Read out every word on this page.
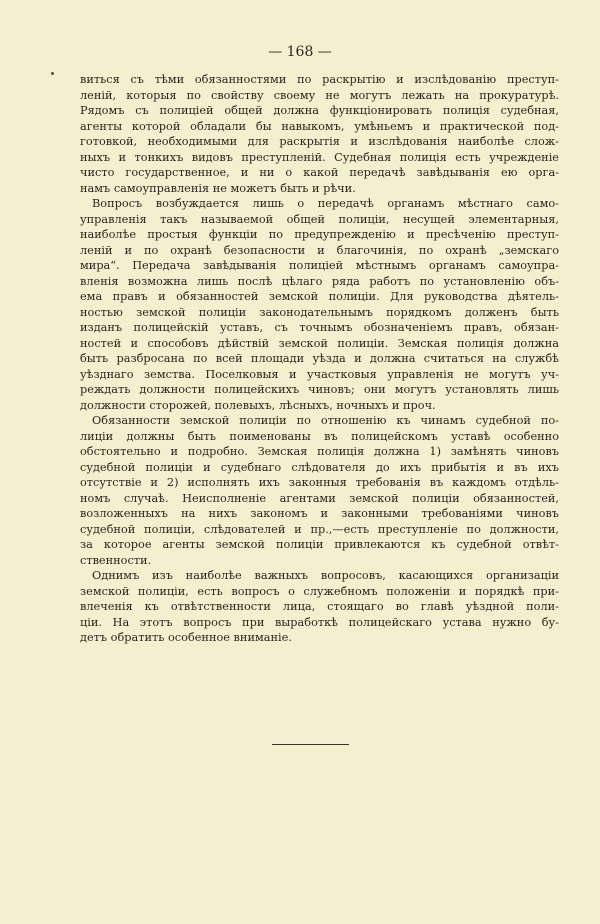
— 168 —
виться съ тѣми обязанностями по раскрытію и изслѣдованію преступ-
леній, которыя по свойству своему не могутъ лежать на прокуратурѣ.
Рядомъ съ полиціей общей должна функціонировать полиція судебная,
агенты которой обладали бы навыкомъ, умѣньемъ и практической под-
готовкой, необходимыми для раскрытія и изслѣдованія наиболѣе слож-
ныхъ и тонкихъ видовъ преступленій. Судебная полиція есть учрежденіе
чисто государственное, и ни о какой передачѣ завѣдыванія ею орга-
намъ самоуправленія не можетъ быть и рѣчи.
Вопросъ возбуждается лишь о передачѣ органамъ мѣстнаго само-
управленія такъ называемой общей полиціи, несущей элементарныя,
наиболѣе простыя функціи по предупрежденію и пресѣченію преступ-
леній и по охранѣ безопасности и благочинія, по охранѣ „земскаго
мира“. Передача завѣдыванія полиціей мѣстнымъ органамъ самоупра-
вленія возможна лишь послѣ цѣлаго ряда работъ по установленію объ-
ема правъ и обязанностей земской полиціи. Для руководства дѣятель-
ностью земской полиціи законодательнымъ порядкомъ долженъ быть
изданъ полицейскій уставъ, съ точнымъ обозначеніемъ правъ, обязан-
ностей и способовъ дѣйствій земской полиціи. Земская полиція должна
быть разбросана по всей площади уѣзда и должна считаться на службѣ
уѣзднаго земства. Поселковыя и участковыя управленія не могутъ уч-
реждать должности полицейскихъ чиновъ; они могутъ установлять лишь
должности сторожей, полевыхъ, лѣсныхъ, ночныхъ и проч.
Обязанности земской полиціи по отношенію къ чинамъ судебной по-
лиціи должны быть поименованы въ полицейскомъ уставѣ особенно
обстоятельно и подробно. Земская полиція должна 1) замѣнять чиновъ
судебной полиціи и судебнаго слѣдователя до ихъ прибытія и въ ихъ
отсутствіе и 2) исполнять ихъ законныя требованія въ каждомъ отдѣль-
номъ случаѣ. Неисполненіе агентами земской полиціи обязанностей,
возложенныхъ на нихъ закономъ и законными требованіями чиновъ
судебной полиціи, слѣдователей и пр.,—есть преступленіе по должности,
за которое агенты земской полиціи привлекаются къ судебной отвѣт-
ственности.
Однимъ изъ наиболѣе важныхъ вопросовъ, касающихся организаціи
земской полиціи, есть вопросъ о служебномъ положеніи и порядкѣ при-
влеченія къ отвѣтственности лица, стоящаго во главѣ уѣздной поли-
ціи. На этотъ вопросъ при выработкѣ полицейскаго устава нужно бу-
детъ обратить особенное вниманіе.
